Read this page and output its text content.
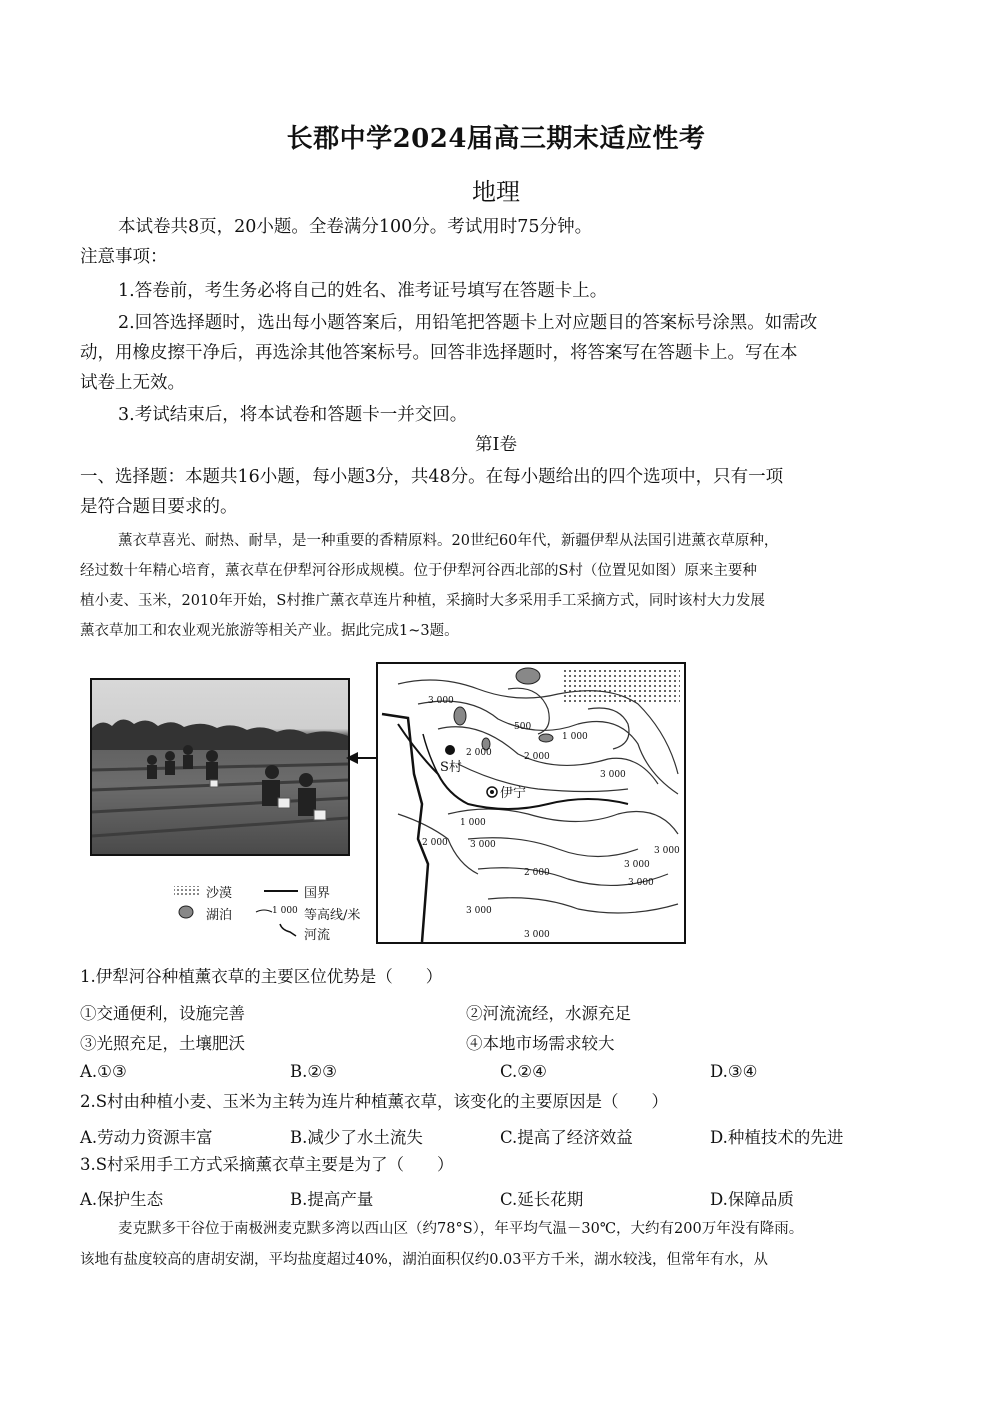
长郡中学2024届高三期末适应性考
地理
本试卷共8页，20小题。全卷满分100分。考试用时75分钟。
注意事项：
1.答卷前，考生务必将自己的姓名、准考证号填写在答题卡上。
2.回答选择题时，选出每小题答案后，用铅笔把答题卡上对应题目的答案标号涂黑。如需改
动，用橡皮擦干净后，再选涂其他答案标号。回答非选择题时，将答案写在答题卡上。写在本
试卷上无效。
3.考试结束后，将本试卷和答题卡一并交回。
第I卷
一、选择题：本题共16小题，每小题3分，共48分。在每小题给出的四个选项中，只有一项
是符合题目要求的。
薰衣草喜光、耐热、耐旱，是一种重要的香精原料。20世纪60年代，新疆伊犁从法国引进薰衣草原种，
经过数十年精心培育，薰衣草在伊犁河谷形成规模。位于伊犁河谷西北部的S村（位置见如图）原来主要种
植小麦、玉米，2010年开始，S村推广薰衣草连片种植，采摘时大多采用手工采摘方式，同时该村大力发展
薰衣草加工和农业观光旅游等相关产业。据此完成1~3题。
S村
伊宁
3 000
500
1 000
2 000	2 000
3 000
1 000
2 000 3 000
3 000
2 000
3 000
3 000
3 000
3 000
沙漠
湖泊
国界
1 000 等高线/米
河流
1.伊犁河谷种植薰衣草的主要区位优势是（　　）
①交通便利，设施完善	②河流流经，水源充足
③光照充足，土壤肥沃	④本地市场需求较大
A.①③	B.②③	C.②④	D.③④
2.S村由种植小麦、玉米为主转为连片种植薰衣草，该变化的主要原因是（　　）
A.劳动力资源丰富	B.减少了水土流失	C.提高了经济效益	D.种植技术的先进
3.S村采用手工方式采摘薰衣草主要是为了（　　）
A.保护生态	B.提高产量	C.延长花期	D.保障品质
麦克默多干谷位于南极洲麦克默多湾以西山区（约78°S），年平均气温－30℃，大约有200万年没有降雨。
该地有盐度较高的唐胡安湖，平均盐度超过40%，湖泊面积仅约0.03平方千米，湖水较浅，但常年有水，从
